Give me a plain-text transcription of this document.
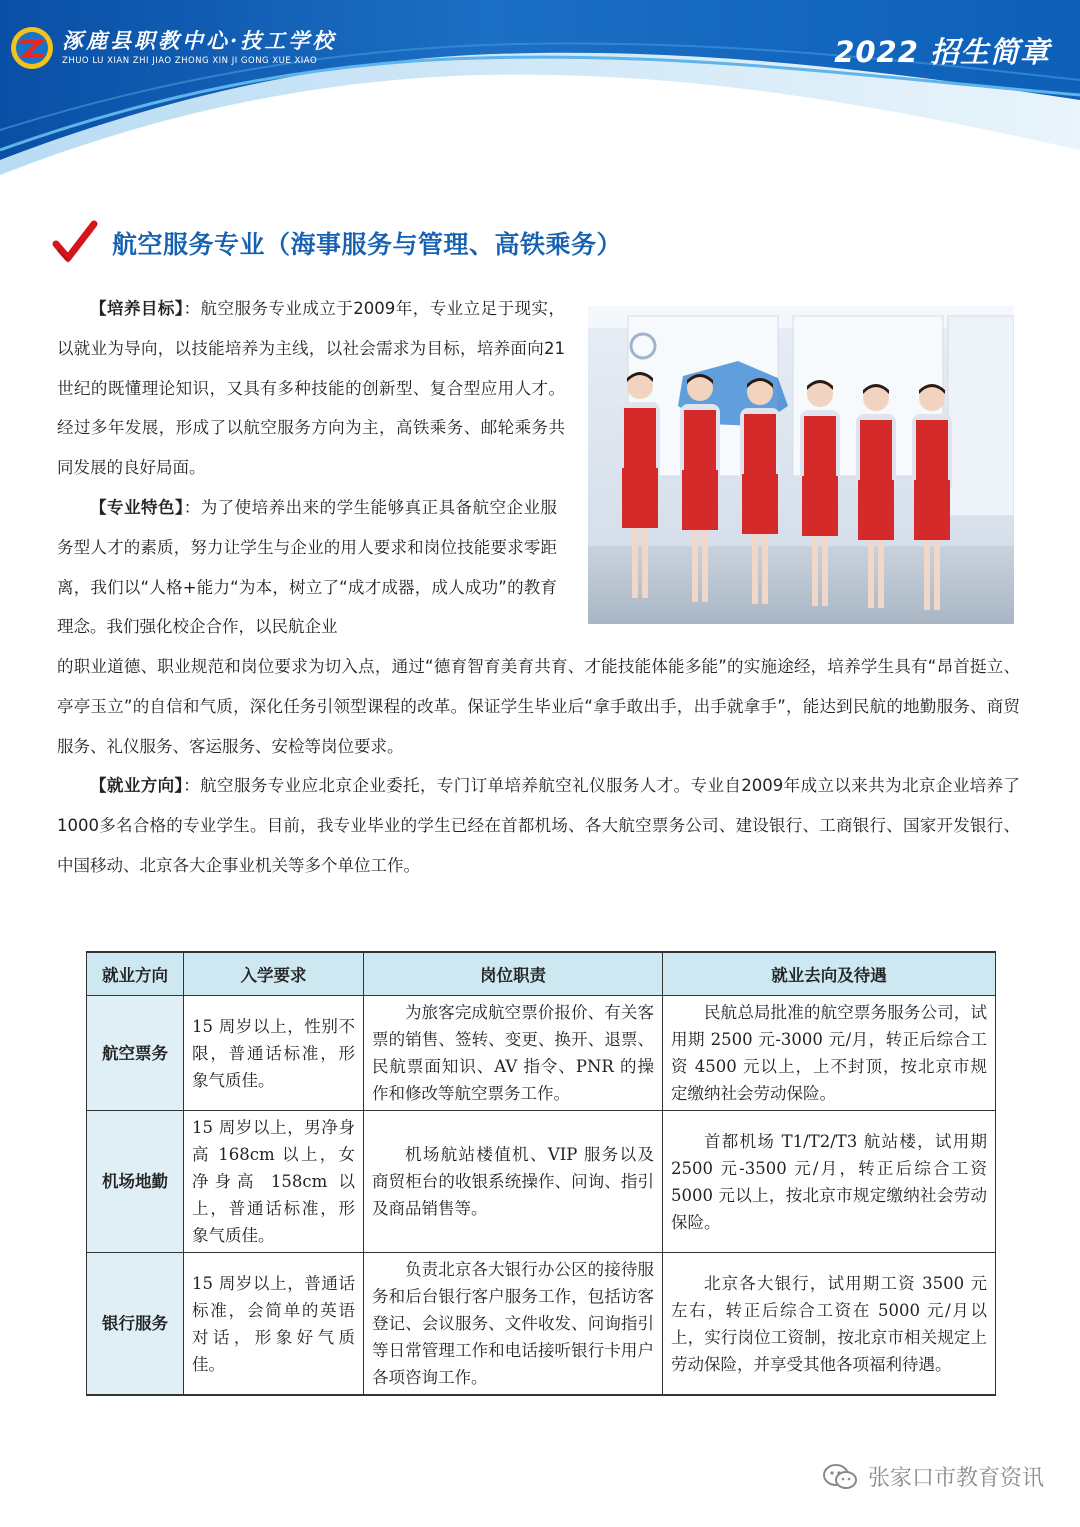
涿鹿县职教中心·技工学校
ZHUO LU XIAN ZHI JIAO ZHONG XIN JI GONG XUE XIAO	2022 招生简章
航空服务专业（海事服务与管理、高铁乘务）
【培养目标】：航空服务专业成立于2009年，专业立足于现实，以就业为导向，以技能培养为主线，以社会需求为目标，培养面向21世纪的既懂理论知识，又具有多种技能的创新型、复合型应用人才。经过多年发展，形成了以航空服务方向为主，高铁乘务、邮轮乘务共同发展的良好局面。
【专业特色】：为了使培养出来的学生能够真正具备航空企业服务型人才的素质，努力让学生与企业的用人要求和岗位技能要求零距离，我们以“人格+能力“为本，树立了“成才成器，成人成功”的教育理念。我们强化校企合作，以民航企业
的职业道德、职业规范和岗位要求为切入点，通过“德育智育美育共育、才能技能体能多能”的实施途经，培养学生具有“昂首挺立、亭亭玉立”的自信和气质，深化任务引领型课程的改革。保证学生毕业后“拿手敢出手，出手就拿手”，能达到民航的地勤服务、商贸服务、礼仪服务、客运服务、安检等岗位要求。
【就业方向】：航空服务专业应北京企业委托，专门订单培养航空礼仪服务人才。专业自2009年成立以来共为北京企业培养了1000多名合格的专业学生。目前，我专业毕业的学生已经在首都机场、各大航空票务公司、建设银行、工商银行、国家开发银行、中国移动、北京各大企事业机关等多个单位工作。
就业方向	入学要求	岗位职责	就业去向及待遇
航空票务	15 周岁以上，性别不限，普通话标准，形象气质佳。	为旅客完成航空票价报价、有关客票的销售、签转、变更、换开、退票、民航票面知识、AV 指令、PNR 的操作和修改等航空票务工作。	民航总局批准的航空票务服务公司，试用期 2500 元-3000 元/月，转正后综合工资 4500 元以上，上不封顶，按北京市规定缴纳社会劳动保险。
机场地勤	15 周岁以上，男净身高 168cm 以上，女净身高 158cm 以上，普通话标准，形象气质佳。	机场航站楼值机、VIP 服务以及商贸柜台的收银系统操作、问询、指引及商品销售等。	首都机场 T1/T2/T3 航站楼，试用期 2500 元-3500 元/月，转正后综合工资 5000 元以上，按北京市规定缴纳社会劳动保险。
银行服务	15 周岁以上，普通话标准，会简单的英语对话，形象好气质佳。	负责北京各大银行办公区的接待服务和后台银行客户服务工作，包括访客登记、会议服务、文件收发、问询指引等日常管理工作和电话接听银行卡用户各项咨询工作。	北京各大银行，试用期工资 3500 元左右，转正后综合工资在 5000 元/月以上，实行岗位工资制，按北京市相关规定上劳动保险，并享受其他各项福利待遇。
张家口市教育资讯
